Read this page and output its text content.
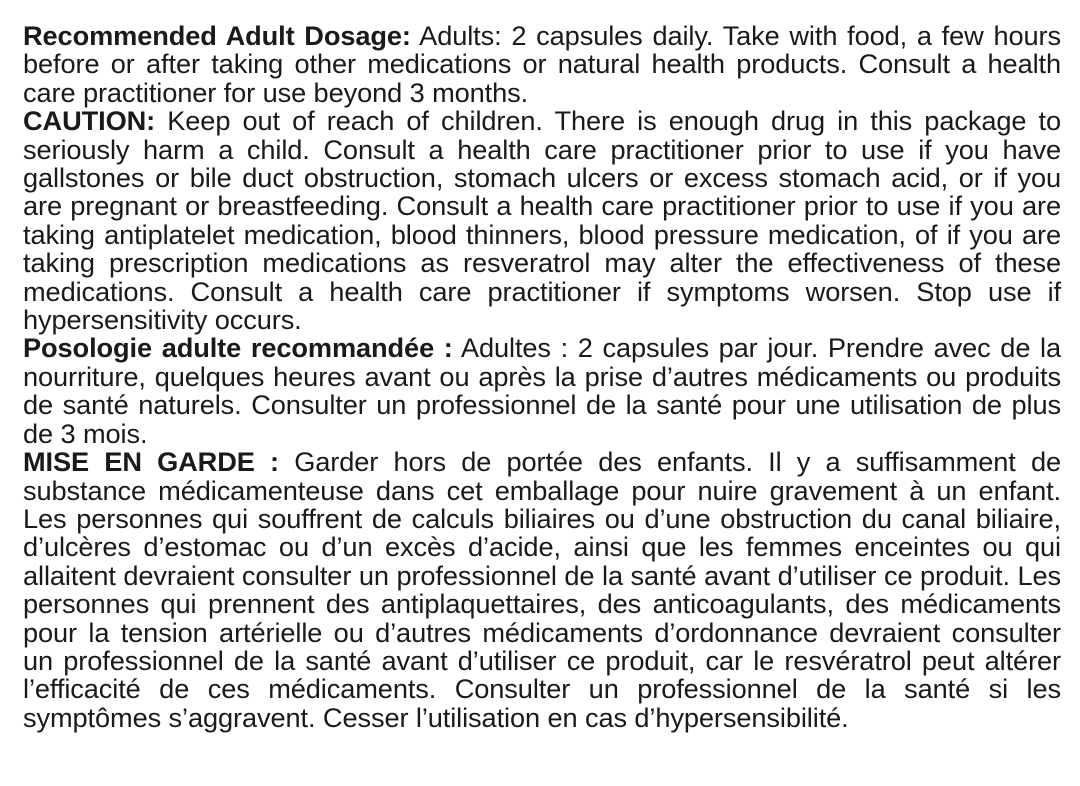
Recommended Adult Dosage: Adults: 2 capsules daily. Take with food, a few hours before or after taking other medications or natural health products. Consult a health care practitioner for use beyond 3 months.

CAUTION: Keep out of reach of children. There is enough drug in this package to seriously harm a child. Consult a health care practitioner prior to use if you have gallstones or bile duct obstruction, stomach ulcers or excess stomach acid, or if you are pregnant or breastfeeding. Consult a health care practitioner prior to use if you are taking antiplatelet medication, blood thinners, blood pressure medication, of if you are taking prescription medications as resveratrol may alter the effectiveness of these medications. Consult a health care practitioner if symptoms worsen. Stop use if hypersensitivity occurs.

Posologie adulte recommandée : Adultes : 2 capsules par jour. Prendre avec de la nourriture, quelques heures avant ou après la prise d’autres médicaments ou produits de santé naturels. Consulter un professionnel de la santé pour une utilisation de plus de 3 mois.

MISE EN GARDE : Garder hors de portée des enfants. Il y a suffisamment de substance médicamenteuse dans cet emballage pour nuire gravement à un enfant. Les personnes qui souffrent de calculs biliaires ou d’une obstruction du canal biliaire, d’ulcères d’estomac ou d’un excès d’acide, ainsi que les femmes enceintes ou qui allaitent devraient consulter un professionnel de la santé avant d’utiliser ce produit. Les personnes qui prennent des antiplaquettaires, des anticoagulants, des médicaments pour la tension artérielle ou d’autres médicaments d’ordonnance devraient consulter un professionnel de la santé avant d’utiliser ce produit, car le resvératrol peut altérer l’efficacité de ces médicaments. Consulter un professionnel de la santé si les symptômes s’aggravent. Cesser l’utilisation en cas d’hypersensibilité.
